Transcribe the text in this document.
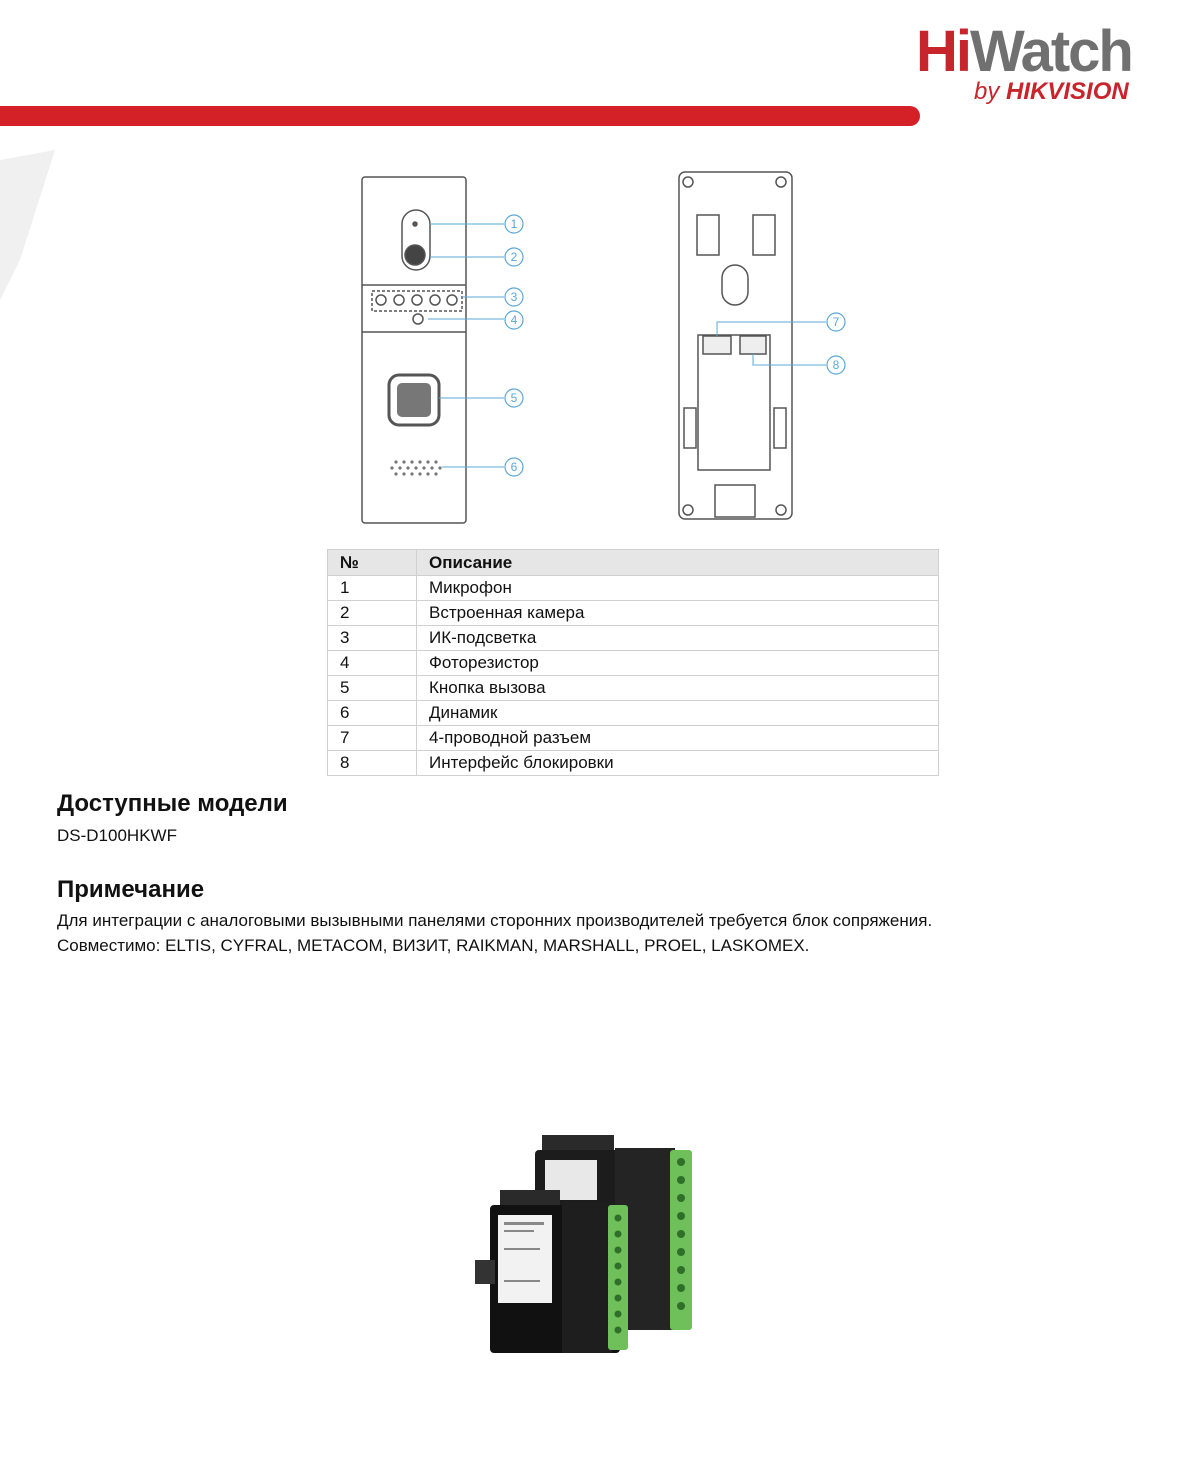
HiWatch
by HIKVISION
1
2
3
4
5
6
7
8
№	Описание
1	Микрофон
2	Встроенная камера
3	ИК-подсветка
4	Фоторезистор
5	Кнопка вызова
6	Динамик
7	4-проводной разъем
8	Интерфейс блокировки
Доступные модели

DS-D100HKWF

Примечание

Для интеграции с аналоговыми вызывными панелями сторонних производителей требуется блок сопряжения.

Совместимо: ELTIS, CYFRAL, METACOM, ВИЗИТ, RAIKMAN, MARSHALL, PROEL, LASKOMEX.
